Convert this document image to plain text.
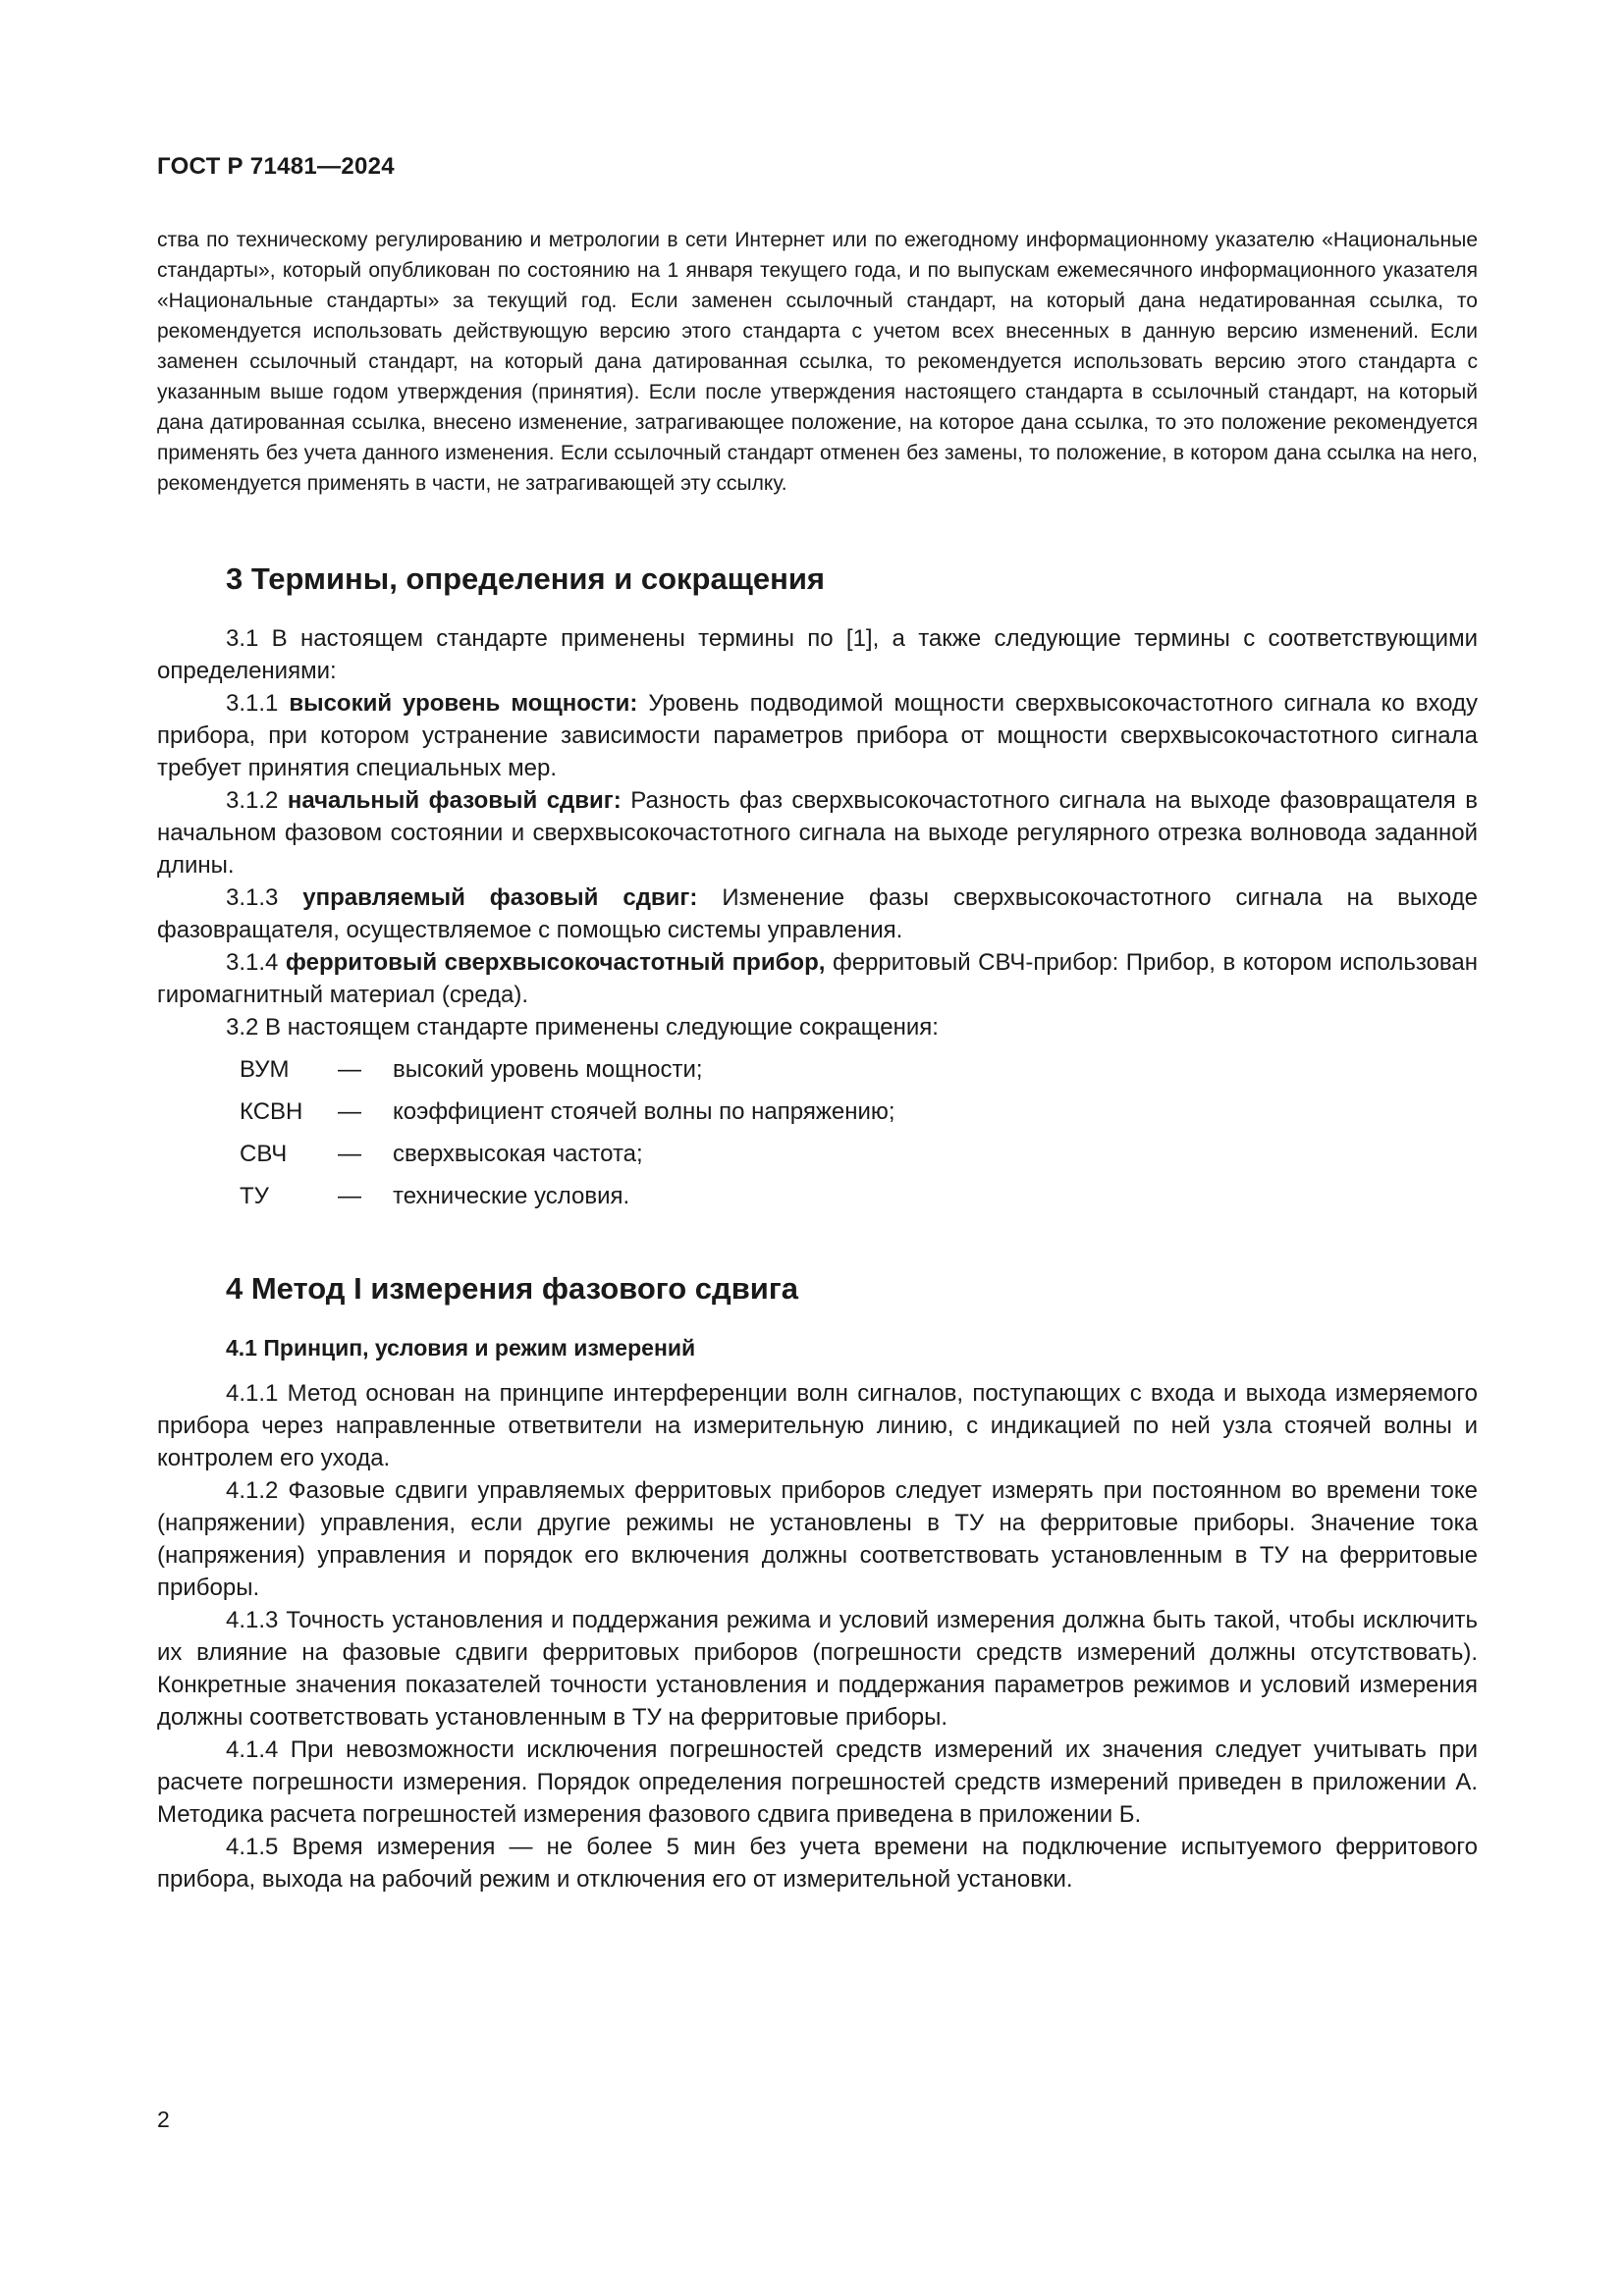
ГОСТ Р 71481—2024

ства по техническому регулированию и метрологии в сети Интернет или по ежегодному информационному указателю «Национальные стандарты», который опубликован по состоянию на 1 января текущего года, и по выпускам ежемесячного информационного указателя «Национальные стандарты» за текущий год. Если заменен ссылочный стандарт, на который дана недатированная ссылка, то рекомендуется использовать действующую версию этого стандарта с учетом всех внесенных в данную версию изменений. Если заменен ссылочный стандарт, на который дана датированная ссылка, то рекомендуется использовать версию этого стандарта с указанным выше годом утверждения (принятия). Если после утверждения настоящего стандарта в ссылочный стандарт, на который дана датированная ссылка, внесено изменение, затрагивающее положение, на которое дана ссылка, то это положение рекомендуется применять без учета данного изменения. Если ссылочный стандарт отменен без замены, то положение, в котором дана ссылка на него, рекомендуется применять в части, не затрагивающей эту ссылку.

3 Термины, определения и сокращения

3.1 В настоящем стандарте применены термины по [1], а также следующие термины с соответствующими определениями:

3.1.1 высокий уровень мощности: Уровень подводимой мощности сверхвысокочастотного сигнала ко входу прибора, при котором устранение зависимости параметров прибора от мощности сверхвысокочастотного сигнала требует принятия специальных мер.

3.1.2 начальный фазовый сдвиг: Разность фаз сверхвысокочастотного сигнала на выходе фазовращателя в начальном фазовом состоянии и сверхвысокочастотного сигнала на выходе регулярного отрезка волновода заданной длины.

3.1.3 управляемый фазовый сдвиг: Изменение фазы сверхвысокочастотного сигнала на выходе фазовращателя, осуществляемое с помощью системы управления.

3.1.4 ферритовый сверхвысокочастотный прибор, ферритовый СВЧ-прибор: Прибор, в котором использован гиромагнитный материал (среда).

3.2 В настоящем стандарте применены следующие сокращения:

ВУМ	—	высокий уровень мощности;
КСВН	—	коэффициент стоячей волны по напряжению;
СВЧ	—	сверхвысокая частота;
ТУ	—	технические условия.
4 Метод I измерения фазового сдвига
4.1 Принцип, условия и режим измерений

4.1.1 Метод основан на принципе интерференции волн сигналов, поступающих с входа и выхода измеряемого прибора через направленные ответвители на измерительную линию, с индикацией по ней узла стоячей волны и контролем его ухода.

4.1.2 Фазовые сдвиги управляемых ферритовых приборов следует измерять при постоянном во времени токе (напряжении) управления, если другие режимы не установлены в ТУ на ферритовые приборы. Значение тока (напряжения) управления и порядок его включения должны соответствовать установленным в ТУ на ферритовые приборы.

4.1.3 Точность установления и поддержания режима и условий измерения должна быть такой, чтобы исключить их влияние на фазовые сдвиги ферритовых приборов (погрешности средств измерений должны отсутствовать). Конкретные значения показателей точности установления и поддержания параметров режимов и условий измерения должны соответствовать установленным в ТУ на ферритовые приборы.

4.1.4 При невозможности исключения погрешностей средств измерений их значения следует учитывать при расчете погрешности измерения. Порядок определения погрешностей средств измерений приведен в приложении А. Методика расчета погрешностей измерения фазового сдвига приведена в приложении Б.

4.1.5 Время измерения — не более 5 мин без учета времени на подключение испытуемого ферритового прибора, выхода на рабочий режим и отключения его от измерительной установки.

2
